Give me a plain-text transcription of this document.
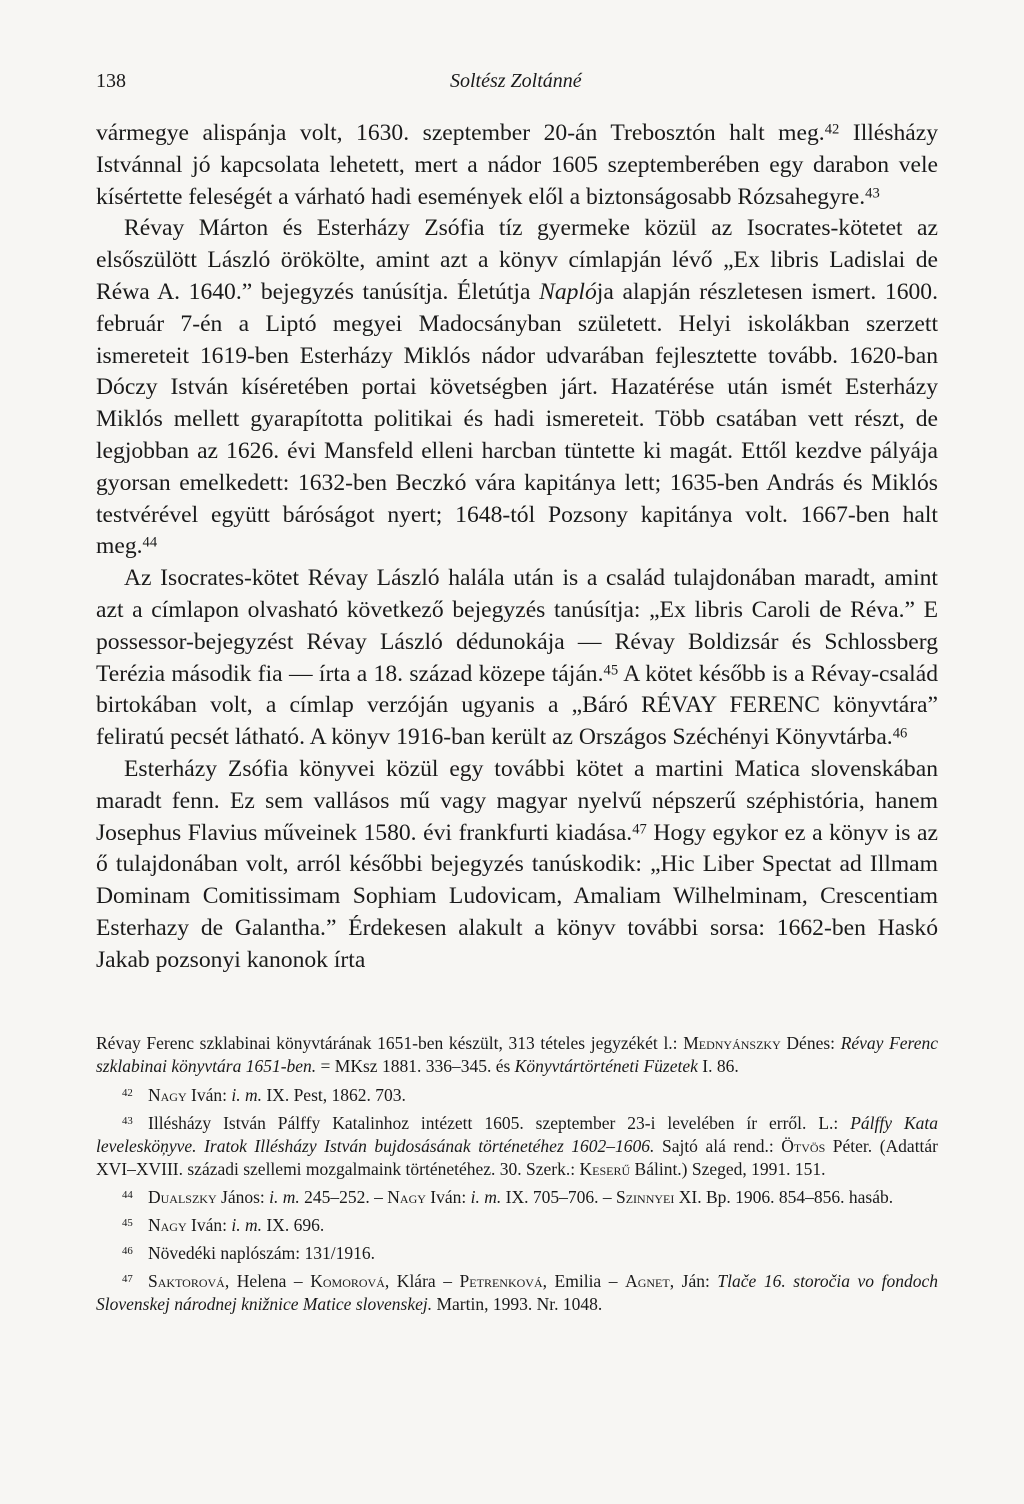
138	Soltész Zoltánné

vármegye alispánja volt, 1630. szeptember 20-án Trebosztón halt meg.$^{42}$ Illésházy Istvánnal jó kapcsolata lehetett, mert a nádor 1605 szeptemberében egy darabon vele kísértette feleségét a várható hadi események elől a biztonságosabb Rózsahegyre.$^{43}$

Révay Márton és Esterházy Zsófia tíz gyermeke közül az Isocrates-kötetet az elsőszülött László örökölte, amint azt a könyv címlapján lévő „Ex libris Ladislai de Réwa A. 1640.” bejegyzés tanúsítja. Életútja Naplója alapján részletesen ismert. 1600. február 7-én a Liptó megyei Madocsányban született. Helyi iskolákban szerzett ismereteit 1619-ben Esterházy Miklós nádor udvarában fejlesztette tovább. 1620-ban Dóczy István kíséretében portai követségben járt. Hazatérése után ismét Esterházy Miklós mellett gyarapította politikai és hadi ismereteit. Több csatában vett részt, de legjobban az 1626. évi Mansfeld elleni harcban tüntette ki magát. Ettől kezdve pályája gyorsan emelkedett: 1632-ben Beczkó vára kapitánya lett; 1635-ben András és Miklós testvérével együtt báróságot nyert; 1648-tól Pozsony kapitánya volt. 1667-ben halt meg.$^{44}$

Az Isocrates-kötet Révay László halála után is a család tulajdonában maradt, amint azt a címlapon olvasható következő bejegyzés tanúsítja: „Ex libris Caroli de Réva.” E possessor-bejegyzést Révay László dédunokája — Révay Boldizsár és Schlossberg Terézia második fia — írta a 18. század közepe táján.$^{45}$ A kötet később is a Révay-család birtokában volt, a címlap verzóján ugyanis a „Báró RÉVAY FERENC könyvtára” feliratú pecsét látható. A könyv 1916-ban került az Országos Széchényi Könyvtárba.$^{46}$

Esterházy Zsófia könyvei közül egy további kötet a martini Matica slovenskában maradt fenn. Ez sem vallásos mű vagy magyar nyelvű népszerű széphistória, hanem Josephus Flavius műveinek 1580. évi frankfurti kiadása.$^{47}$ Hogy egykor ez a könyv is az ő tulajdonában volt, arról későbbi bejegyzés tanúskodik: „Hic Liber Spectat ad Illmam Dominam Comitissimam Sophiam Ludovicam, Amaliam Wilhelminam, Crescentiam Esterhazy de Galantha.” Érdekesen alakult a könyv további sorsa: 1662-ben Haskó Jakab pozsonyi kanonok írta

Révay Ferenc szklabinai könyvtárának 1651-ben készült, 313 tételes jegyzékét l.: Mednyánszky Dénes: Révay Ferenc szklabinai könyvtára 1651-ben. = MKsz 1881. 336–345. és Könyvtártörténeti Füzetek I. 86.

$^{42}$ Nagy Iván: i. m. IX. Pest, 1862. 703.

$^{43}$ Illésházy István Pálffy Katalinhoz intézett 1605. szeptember 23-i levelében ír erről. L.: Pálffy Kata levelesköņyve. Iratok Illésházy István bujdosásának történetéhez 1602–1606. Sajtó alá rend.: Ötvös Péter. (Adattár XVI–XVIII. századi szellemi mozgalmaink történetéhez. 30. Szerk.: Keserű Bálint.) Szeged, 1991. 151.

$^{44}$ Dualszky János: i. m. 245–252. – Nagy Iván: i. m. IX. 705–706. – Szinnyei XI. Bp. 1906. 854–856. hasáb.

$^{45}$ Nagy Iván: i. m. IX. 696.

$^{46}$ Növedéki naplószám: 131/1916.

$^{47}$ Saktorová, Helena – Komorová, Klára – Petrenková, Emilia – Agnet, Ján: Tlače 16. storočia vo fondoch Slovenskej národnej knižnice Matice slovenskej. Martin, 1993. Nr. 1048.
